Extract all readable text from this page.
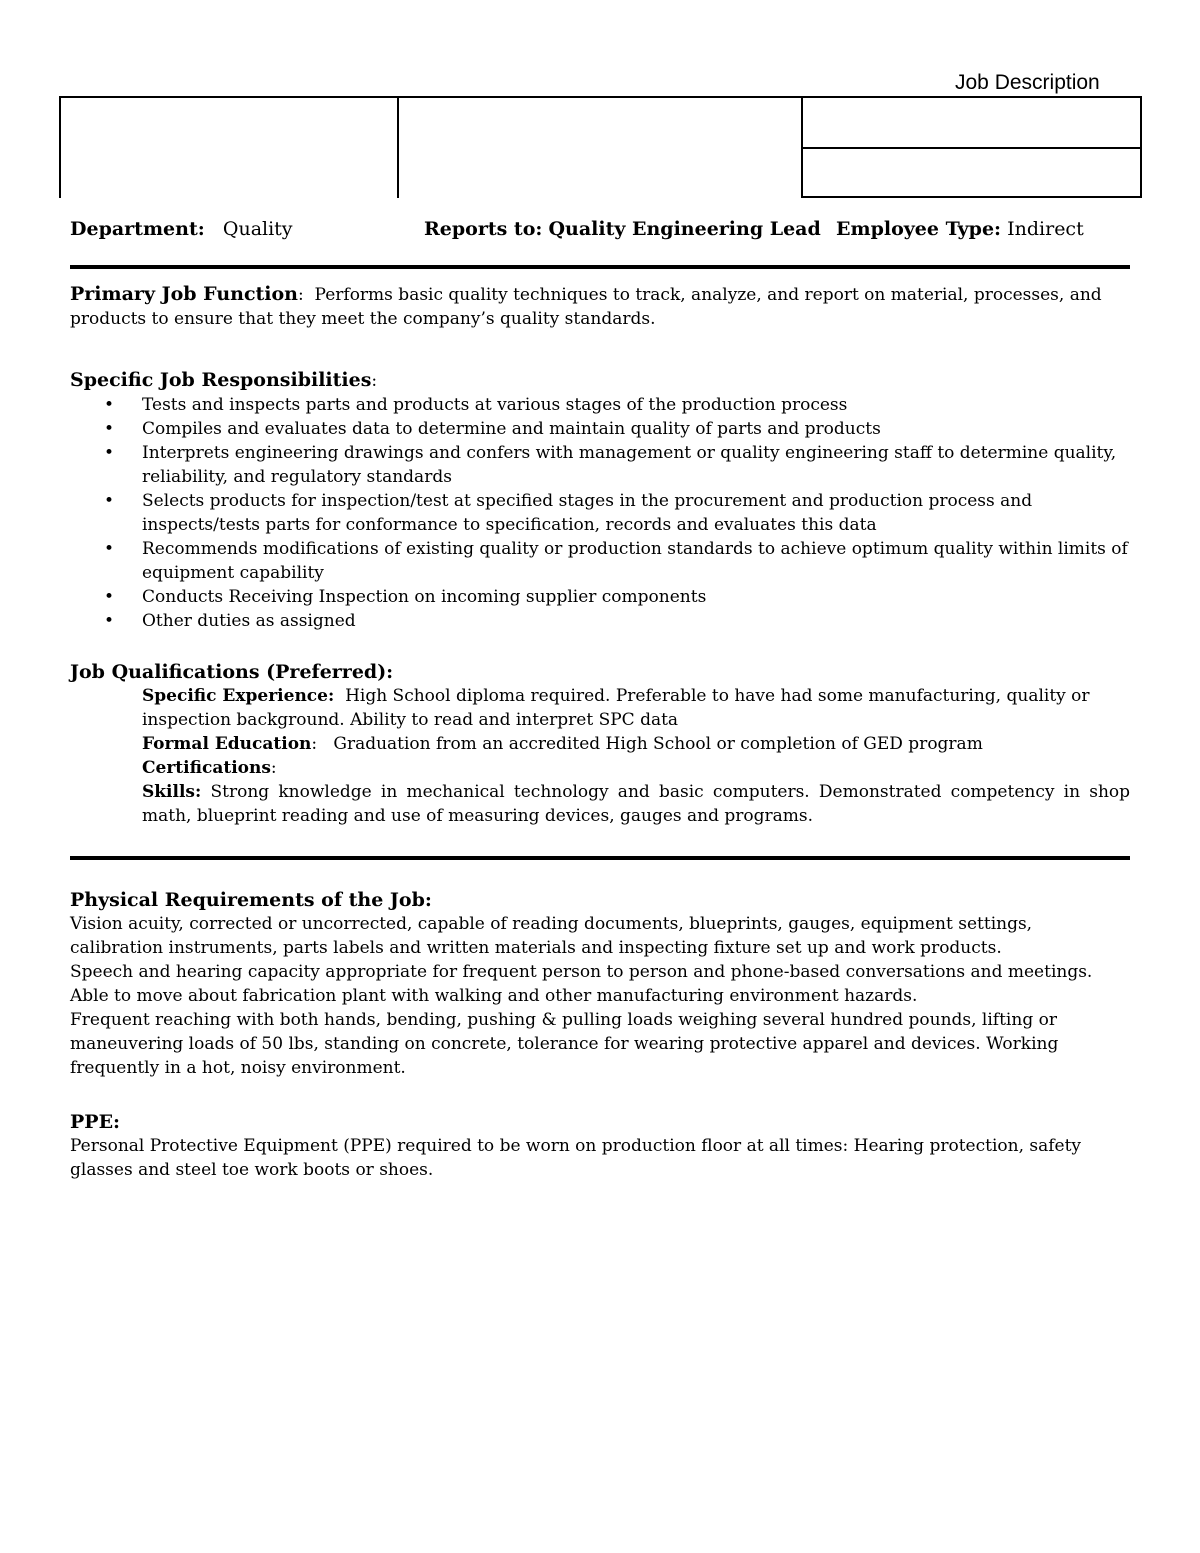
Job Description
Department: Quality	Reports to: Quality Engineering Lead Employee Type: Indirect
Primary Job Function:  Performs basic quality techniques to track, analyze, and report on material, processes, and products to ensure that they meet the company’s quality standards.
Specific Job Responsibilities:
• Tests and inspects parts and products at various stages of the production process
• Compiles and evaluates data to determine and maintain quality of parts and products
• Interprets engineering drawings and confers with management or quality engineering staff to determine quality, reliability, and regulatory standards
• Selects products for inspection/test at specified stages in the procurement and production process and inspects/tests parts for conformance to specification, records and evaluates this data
• Recommends modifications of existing quality or production standards to achieve optimum quality within limits of equipment capability
• Conducts Receiving Inspection on incoming supplier components
• Other duties as assigned
Job Qualifications (Preferred):
Specific Experience: High School diploma required. Preferable to have had some manufacturing, quality or inspection background. Ability to read and interpret SPC data
Formal Education:   Graduation from an accredited High School or completion of GED program
Certifications:
Skills: Strong knowledge in mechanical technology and basic computers. Demonstrated competency in shop math, blueprint reading and use of measuring devices, gauges and programs.
Physical Requirements of the Job:
Vision acuity, corrected or uncorrected, capable of reading documents, blueprints, gauges, equipment settings, calibration instruments, parts labels and written materials and inspecting fixture set up and work products.
Speech and hearing capacity appropriate for frequent person to person and phone-based conversations and meetings.
Able to move about fabrication plant with walking and other manufacturing environment hazards.
Frequent reaching with both hands, bending, pushing & pulling loads weighing several hundred pounds, lifting or maneuvering loads of 50 lbs, standing on concrete, tolerance for wearing protective apparel and devices. Working frequently in a hot, noisy environment.
PPE:
Personal Protective Equipment (PPE) required to be worn on production floor at all times: Hearing protection, safety glasses and steel toe work boots or shoes.
